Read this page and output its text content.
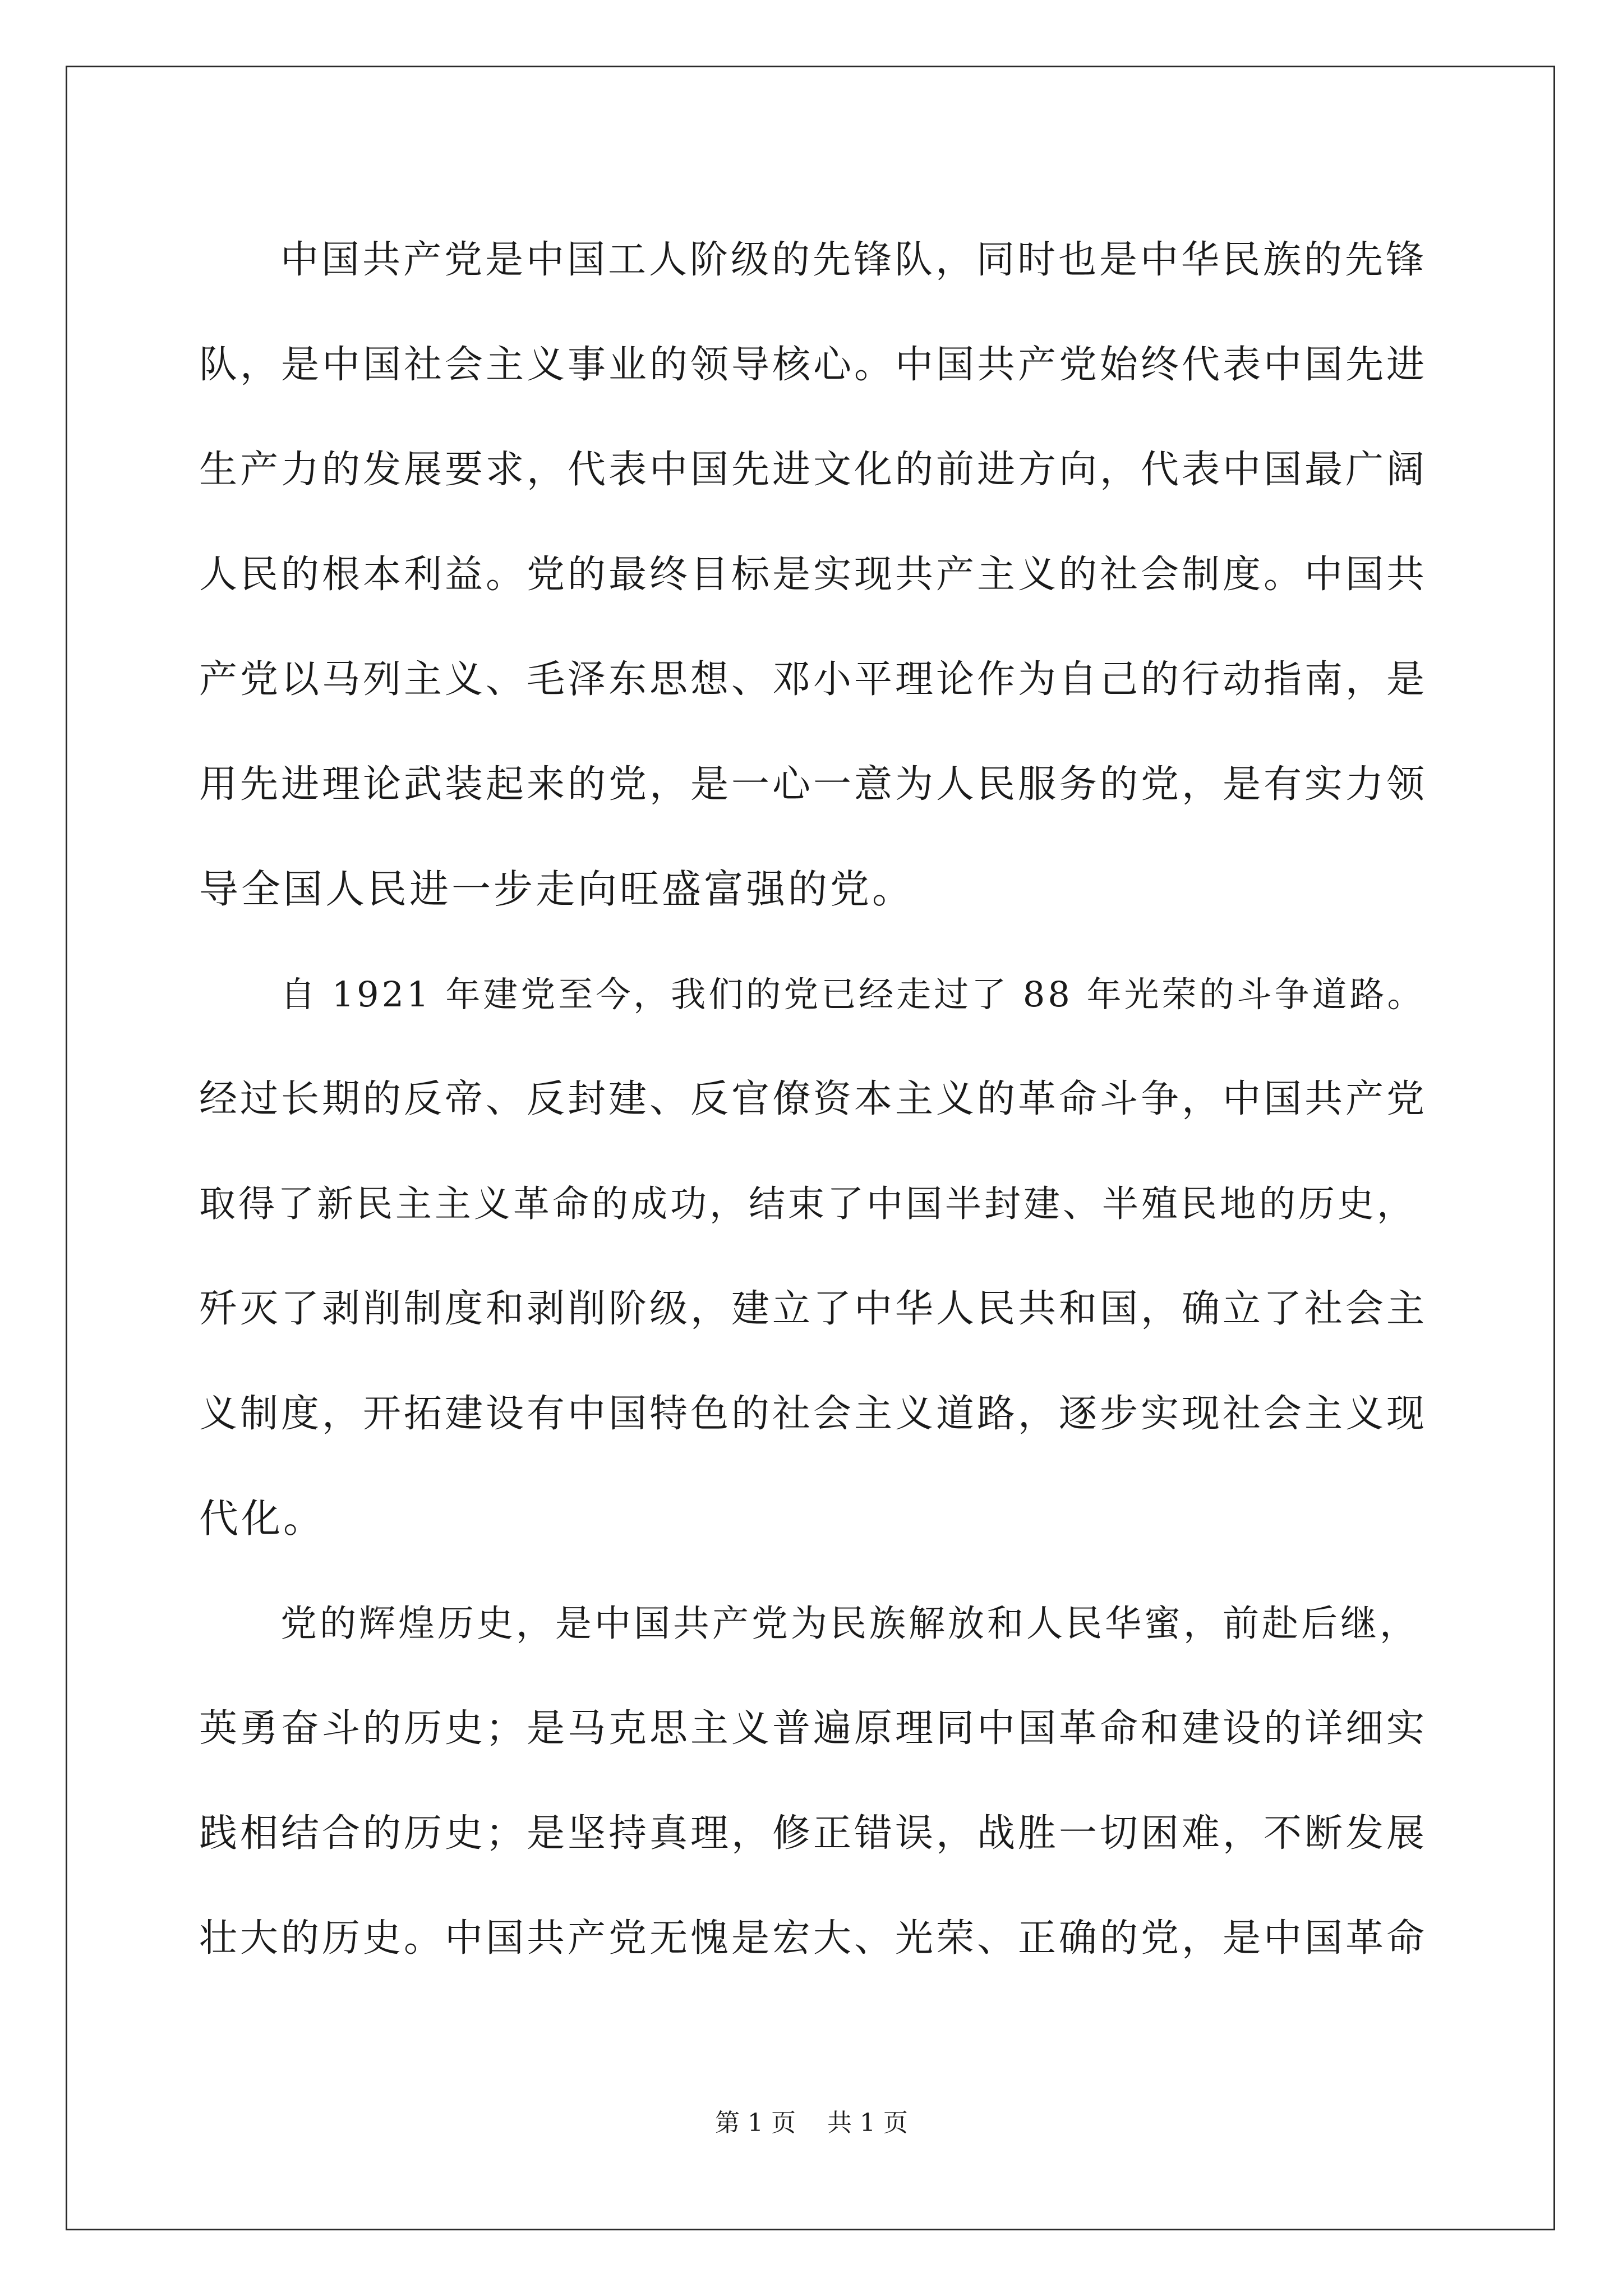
中国共产党是中国工人阶级的先锋队，同时也是中华民族的先锋
队，是中国社会主义事业的领导核心。中国共产党始终代表中国先进
生产力的发展要求，代表中国先进文化的前进方向，代表中国最广阔
人民的根本利益。党的最终目标是实现共产主义的社会制度。中国共
产党以马列主义、毛泽东思想、邓小平理论作为自己的行动指南，是
用先进理论武装起来的党，是一心一意为人民服务的党，是有实力领
导全国人民进一步走向旺盛富强的党。
自 1921 年建党至今，我们的党已经走过了 88 年光荣的斗争道路。
经过长期的反帝、反封建、反官僚资本主义的革命斗争，中国共产党
取得了新民主主义革命的成功，结束了中国半封建、半殖民地的历史，
歼灭了剥削制度和剥削阶级，建立了中华人民共和国，确立了社会主
义制度，开拓建设有中国特色的社会主义道路，逐步实现社会主义现
代化。
党的辉煌历史，是中国共产党为民族解放和人民华蜜，前赴后继，
英勇奋斗的历史；是马克思主义普遍原理同中国革命和建设的详细实
践相结合的历史；是坚持真理，修正错误，战胜一切困难，不断发展
壮大的历史。中国共产党无愧是宏大、光荣、正确的党，是中国革命
第 1 页    共 1 页
